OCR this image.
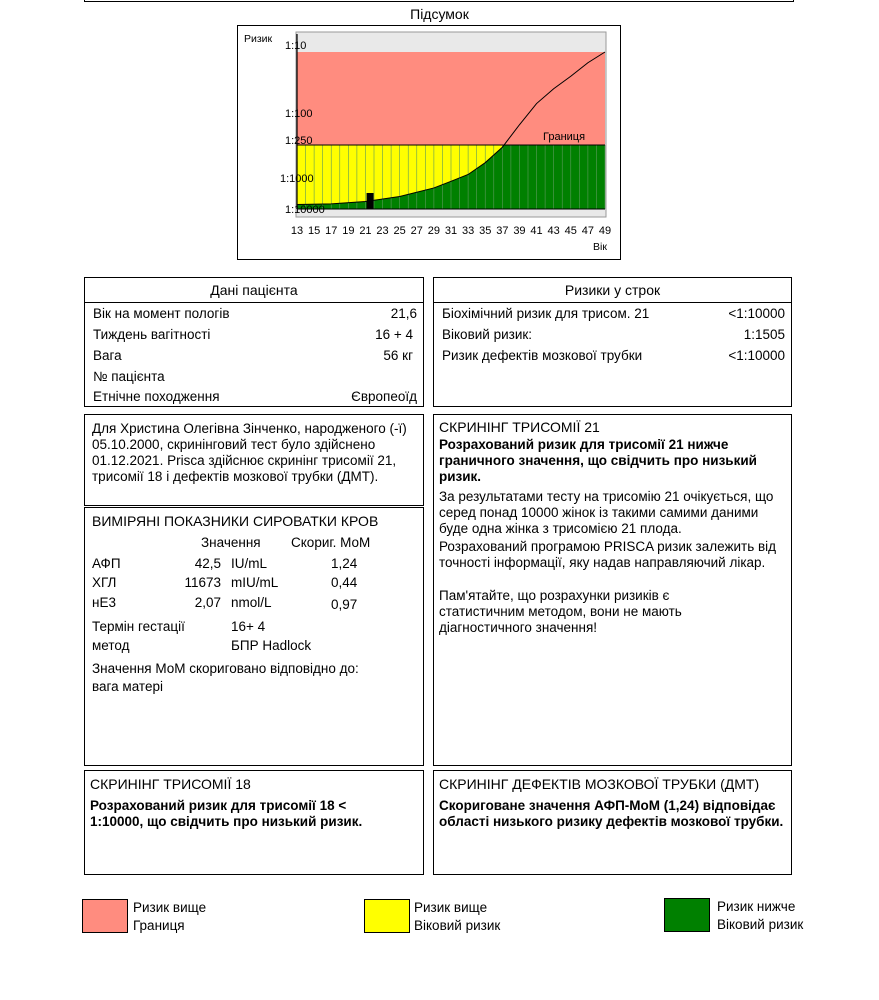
Підсумок
1:10
1:100
1:250
1:1000
1:10000
Ризик
13 15 17 19 21 23 25 27 29 31 33 35 37 39 41 43 45 47 49
Вік
Границя
Дані пацієнта
Вік на момент пологів	21,6
Тиждень вагітності	16 + 4
Вага	56 кг
№ пацієнта
Етнічне походження	Європеоїд
Ризики у строк
Біохімічний ризик для трисом. 21	<1:10000
Віковий ризик:	1:1505
Ризик дефектів мозкової трубки	<1:10000
Для Христина Олегівна Зінченко, народженого (-ї) 05.10.2000, скринінговий тест було здійснено 01.12.2021. Prisca здійснює скринінг трисомії 21, трисомії 18 і дефектів мозкової трубки (ДМТ).
ВИМІРЯНІ ПОКАЗНИКИ СИРОВАТКИ КРОВ
Значення Скориг. МоМ
АФП	42,5 IU/mL	1,24
ХГЛ	11673 mIU/mL	0,44
нЕ3	2,07 nmol/L	0,97
Термін гестації	16+ 4
метод	БПР Hadlock
Значення МоМ скориговано відповідно до:
вага матері
СКРИНІНГ ТРИСОМІЇ 21
Розрахований ризик для трисомії 21 нижче граничного значення, що свідчить про низький ризик.
За результатами тесту на трисомію 21 очікується, що серед понад 10000 жінок із такими самими даними буде одна жінка з трисомією 21 плода.
Розрахований програмою PRISCA ризик залежить від точності інформації, яку надав направляючий лікар.
Пам'ятайте, що розрахунки ризиків є статистичним методом, вони не мають діагностичного значення!
СКРИНІНГ ТРИСОМІЇ 18
Розрахований ризик для трисомії 18 < 1:10000, що свідчить про низький ризик.
СКРИНІНГ ДЕФЕКТІВ МОЗКОВОЇ ТРУБКИ (ДМТ)
Скориговане значення АФП-МоМ (1,24) відповідає області низького ризику дефектів мозкової трубки.
Ризик вище
Границя
Ризик вище
Віковий ризик
Ризик нижче
Віковий ризик
